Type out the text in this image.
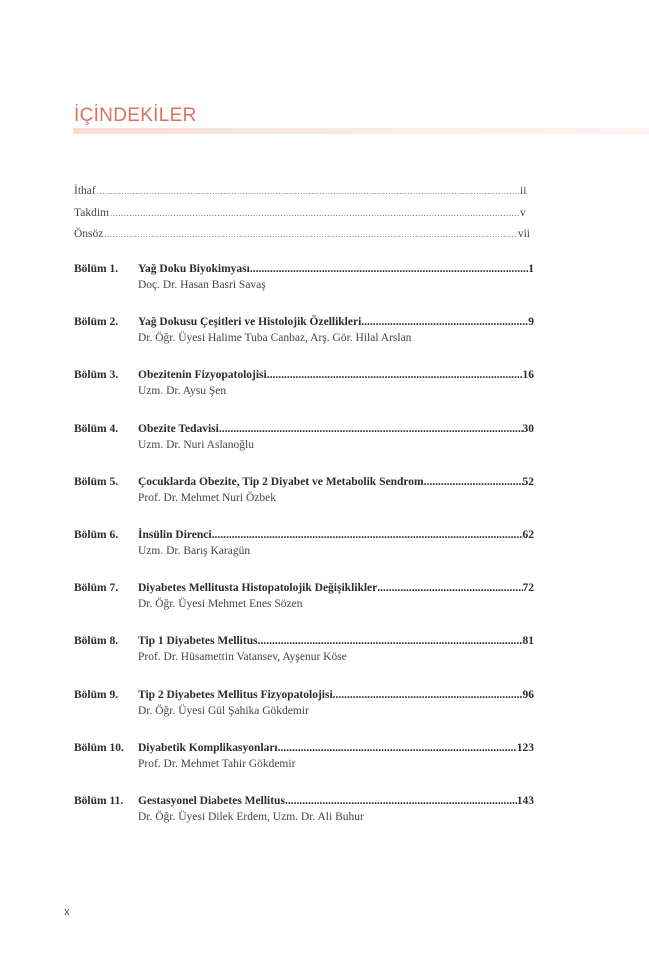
İÇİNDEKİLER
İthaf .....	ii
Takdim .....	v
Önsöz .....	vii
Bölüm 1.	Yağ Doku Biyokimyası .....	1
Doç. Dr. Hasan Basri Savaş
Bölüm 2.	Yağ Dokusu Çeşitleri ve Histolojik Özellikleri .....	9
Dr. Öğr. Üyesi Halime Tuba Canbaz, Arş. Gör. Hilal Arslan
Bölüm 3.	Obezitenin Fizyopatolojisi .....	16
Uzm. Dr. Aysu Şen
Bölüm 4.	Obezite Tedavisi .....	30
Uzm. Dr. Nuri Aslanoğlu
Bölüm 5.	Çocuklarda Obezite, Tip 2 Diyabet ve Metabolik Sendrom .....	52
Prof. Dr. Mehmet Nuri Özbek
Bölüm 6.	İnsülin Direnci .....	62
Uzm. Dr. Barış Karagün
Bölüm 7.	Diyabetes Mellitusta Histopatolojik Değişiklikler .....	72
Dr. Öğr. Üyesi Mehmet Enes Sözen
Bölüm 8.	Tip 1 Diyabetes Mellitus .....	81
Prof. Dr. Hüsamettin Vatansev, Ayşenur Köse
Bölüm 9.	Tip 2 Diyabetes Mellitus Fizyopatolojisi .....	96
Dr. Öğr. Üyesi Gül Şahika Gökdemir
Bölüm 10.	Diyabetik Komplikasyonları .....	123
Prof. Dr. Mehmet Tahir Gökdemir
Bölüm 11.	Gestasyonel Diabetes Mellitus .....	143
Dr. Öğr. Üyesi Dilek Erdem, Uzm. Dr. Ali Buhur
x
